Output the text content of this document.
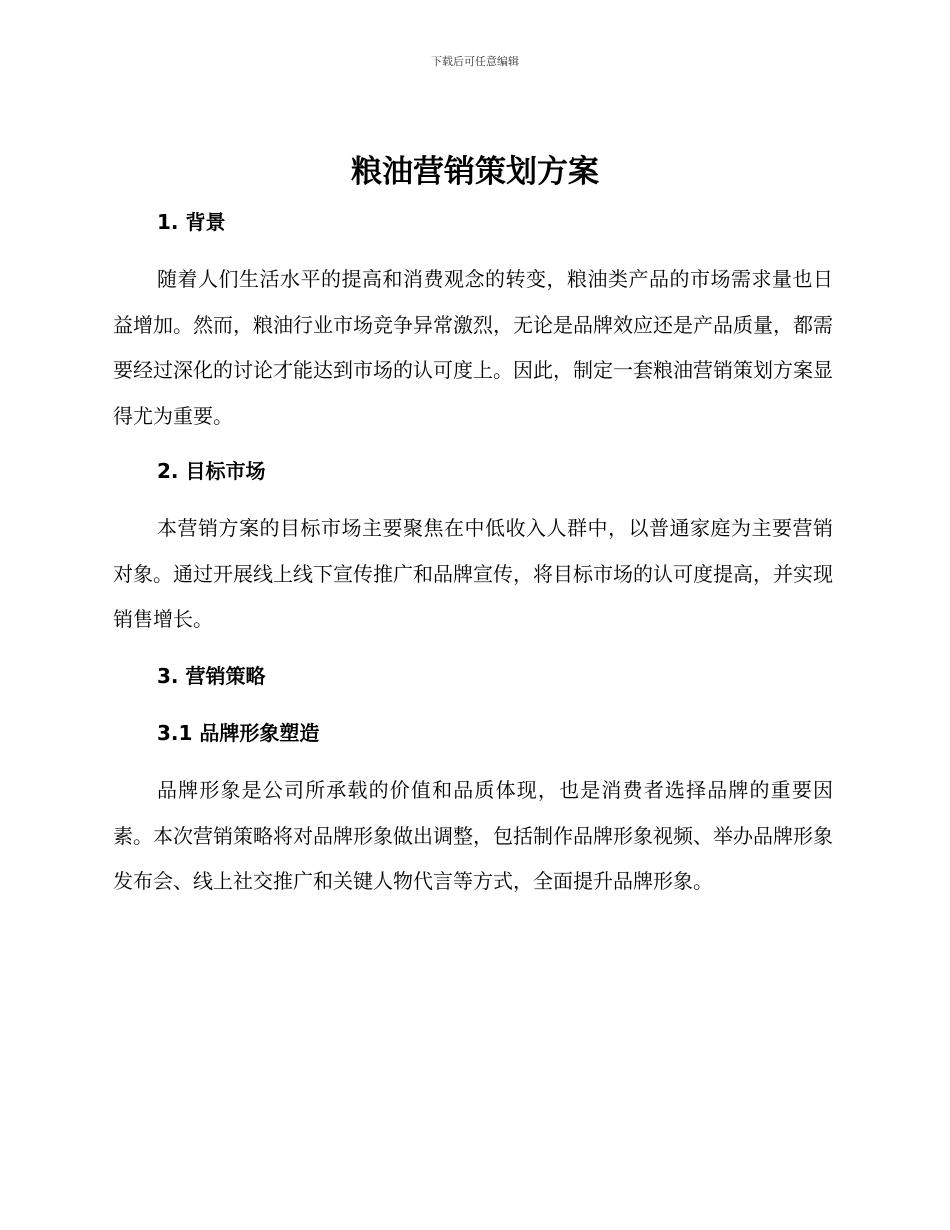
下载后可任意编辑
粮油营销策划方案
1. 背景

随着人们生活水平的提高和消费观念的转变，粮油类产品的市场需求量也日益增加。然而，粮油行业市场竞争异常激烈，无论是品牌效应还是产品质量，都需要经过深化的讨论才能达到市场的认可度上。因此，制定一套粮油营销策划方案显得尤为重要。

2. 目标市场

本营销方案的目标市场主要聚焦在中低收入人群中，以普通家庭为主要营销对象。通过开展线上线下宣传推广和品牌宣传，将目标市场的认可度提高，并实现销售增长。

3. 营销策略
3.1 品牌形象塑造

品牌形象是公司所承载的价值和品质体现，也是消费者选择品牌的重要因素。本次营销策略将对品牌形象做出调整，包括制作品牌形象视频、举办品牌形象发布会、线上社交推广和关键人物代言等方式，全面提升品牌形象。
